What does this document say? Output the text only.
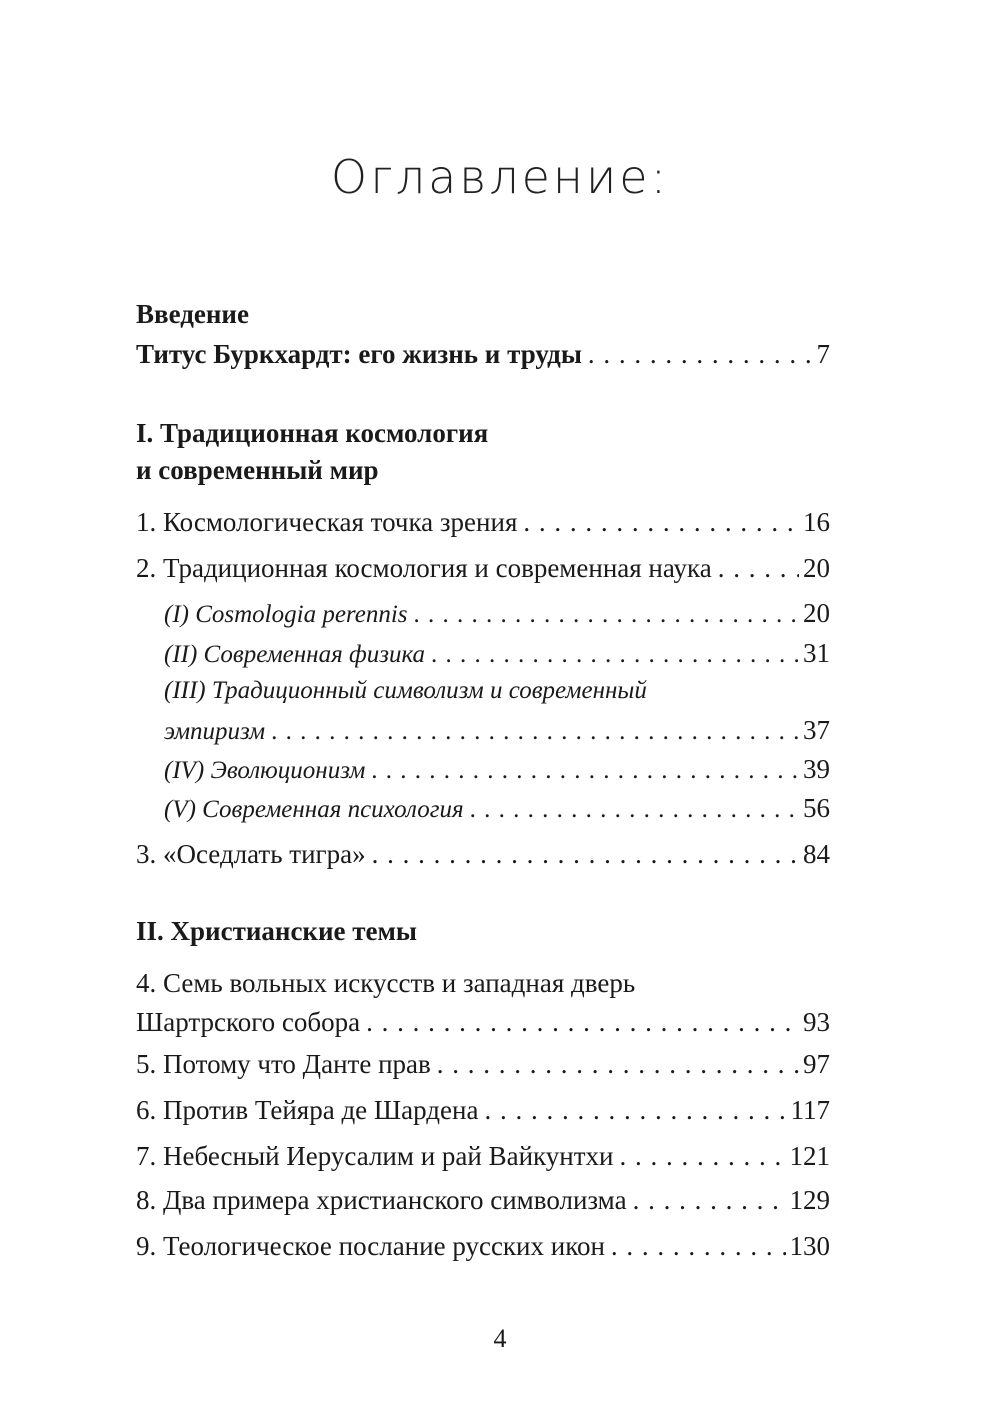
Оглавление:
Введение
Титус Буркхардт: его жизнь и труды . . .	7
I. Традиционная космология
и современный мир
1. Космологическая точка зрения . . .	16
2. Традиционная космология и современная наука . . .	20
(I) Cosmologia perennis . . .	20
(II) Современная физика . . .	31
(III) Традиционный символизм и современный
эмпиризм . . .	37
(IV) Эволюционизм . . .	39
(V) Современная психология . . .	56
3. «Оседлать тигра» . . .	84
II. Христианские темы
4. Семь вольных искусств и западная дверь
Шартрского собора . . .	93
5. Потому что Данте прав . . .	97
6. Против Тейяра де Шардена . . .	117
7. Небесный Иерусалим и рай Вайкунтхи . . .	121
8. Два примера христианского символизма . . .	129
9. Теологическое послание русских икон . . .	130
4
